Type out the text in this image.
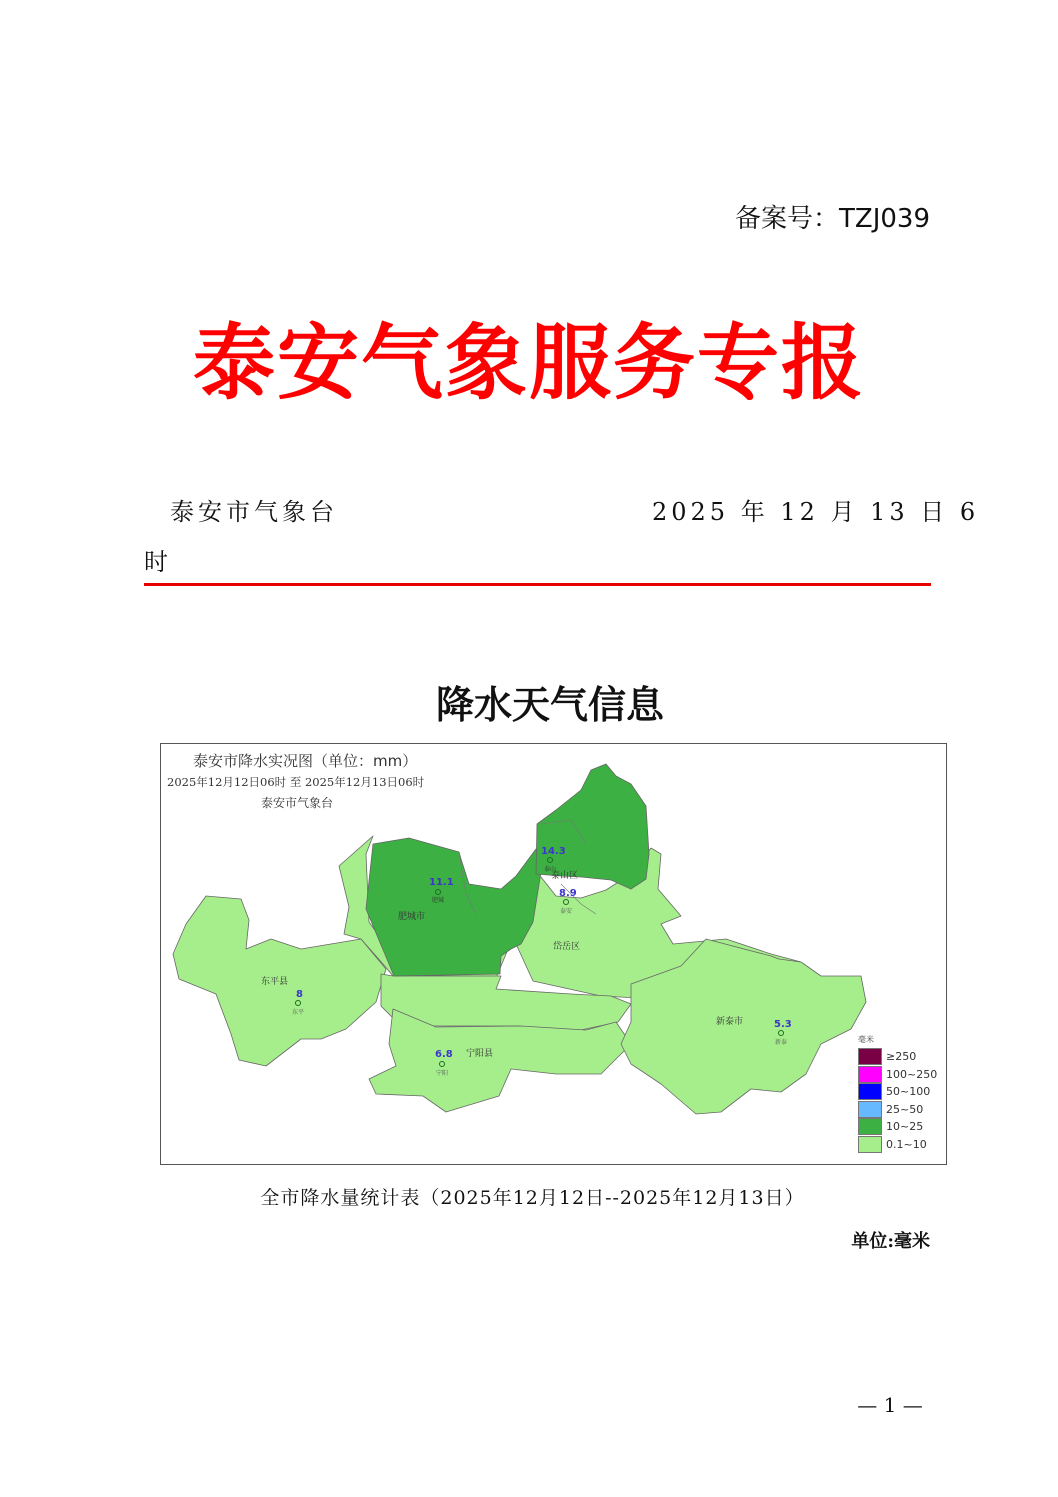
备案号：TZJ039
泰安气象服务专报
泰安市气象台	2025 年 12 月 13 日 6
时
降水天气信息
泰安市降水实况图（单位：mm）
2025年12月12日06时 至 2025年12月13日06时
泰安市气象台
东平县
8
东平
11.1
肥城
肥城市
14.3
泰山
泰山区
8.9
泰安
岱岳区
6.8
宁阳
宁阳县
新泰市	5.3
新泰	毫米
≥250
100~250
50~100
25~50
10~25
0.1~10
全市降水量统计表（2025年12月12日--2025年12月13日）
单位:毫米
— 1 —
